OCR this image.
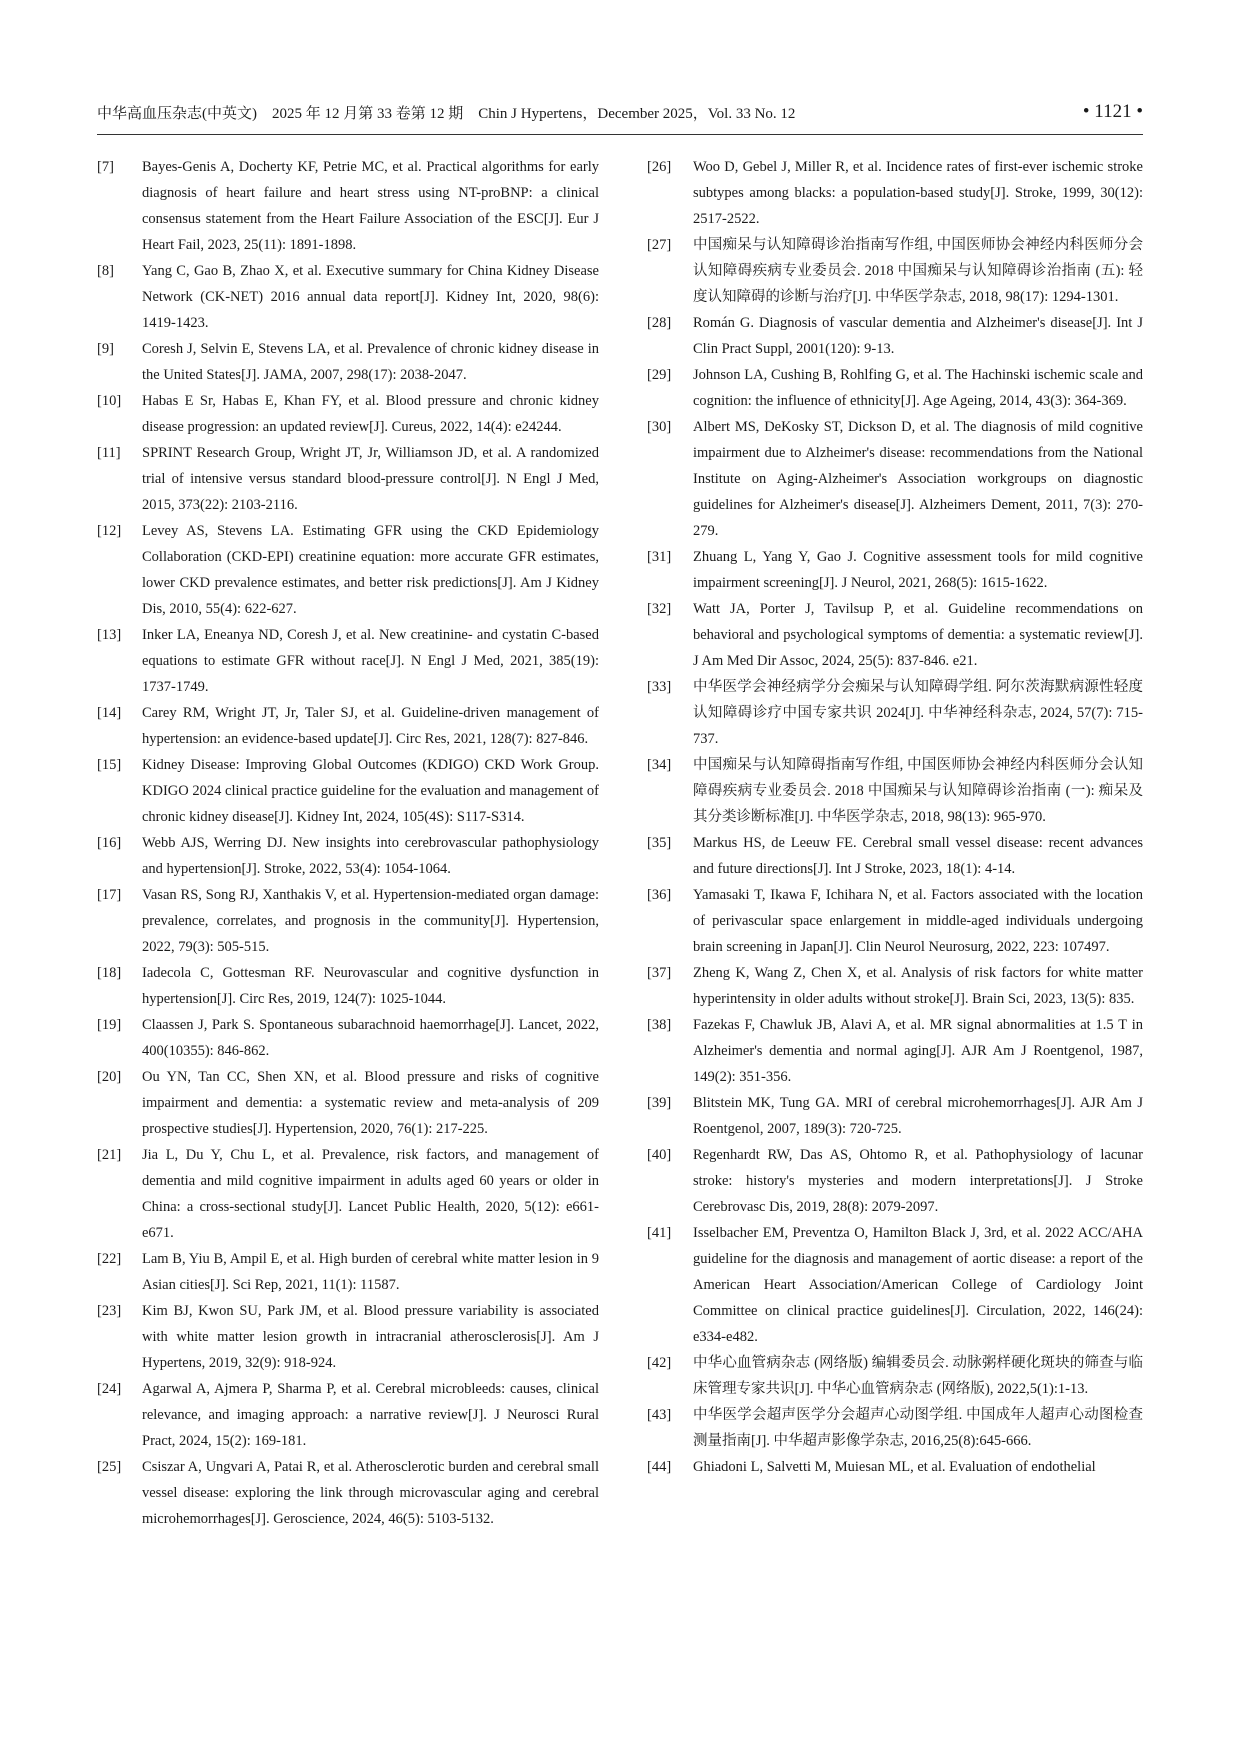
中华高血压杂志(中英文)　2025 年 12 月第 33 卷第 12 期　Chin J Hypertens，December 2025，Vol. 33 No. 12	• 1121 •
[7]	Bayes-Genis A, Docherty KF, Petrie MC, et al. Practical algorithms for early diagnosis of heart failure and heart stress using NT-proBNP: a clinical consensus statement from the Heart Failure Association of the ESC[J]. Eur J Heart Fail, 2023, 25(11): 1891-1898.
[8]	Yang C, Gao B, Zhao X, et al. Executive summary for China Kidney Disease Network (CK-NET) 2016 annual data report[J]. Kidney Int, 2020, 98(6): 1419-1423.
[9]	Coresh J, Selvin E, Stevens LA, et al. Prevalence of chronic kidney disease in the United States[J]. JAMA, 2007, 298(17): 2038-2047.
[10]	Habas E Sr, Habas E, Khan FY, et al. Blood pressure and chronic kidney disease progression: an updated review[J]. Cureus, 2022, 14(4): e24244.
[11]	SPRINT Research Group, Wright JT, Jr, Williamson JD, et al. A randomized trial of intensive versus standard blood-pressure control[J]. N Engl J Med, 2015, 373(22): 2103-2116.
[12]	Levey AS, Stevens LA. Estimating GFR using the CKD Epidemiology Collaboration (CKD-EPI) creatinine equation: more accurate GFR estimates, lower CKD prevalence estimates, and better risk predictions[J]. Am J Kidney Dis, 2010, 55(4): 622-627.
[13]	Inker LA, Eneanya ND, Coresh J, et al. New creatinine- and cystatin C-based equations to estimate GFR without race[J]. N Engl J Med, 2021, 385(19): 1737-1749.
[14]	Carey RM, Wright JT, Jr, Taler SJ, et al. Guideline-driven management of hypertension: an evidence-based update[J]. Circ Res, 2021, 128(7): 827-846.
[15]	Kidney Disease: Improving Global Outcomes (KDIGO) CKD Work Group. KDIGO 2024 clinical practice guideline for the evaluation and management of chronic kidney disease[J]. Kidney Int, 2024, 105(4S): S117-S314.
[16]	Webb AJS, Werring DJ. New insights into cerebrovascular pathophysiology and hypertension[J]. Stroke, 2022, 53(4): 1054-1064.
[17]	Vasan RS, Song RJ, Xanthakis V, et al. Hypertension-mediated organ damage: prevalence, correlates, and prognosis in the community[J]. Hypertension, 2022, 79(3): 505-515.
[18]	Iadecola C, Gottesman RF. Neurovascular and cognitive dysfunction in hypertension[J]. Circ Res, 2019, 124(7): 1025-1044.
[19]	Claassen J, Park S. Spontaneous subarachnoid haemorrhage[J]. Lancet, 2022, 400(10355): 846-862.
[20]	Ou YN, Tan CC, Shen XN, et al. Blood pressure and risks of cognitive impairment and dementia: a systematic review and meta-analysis of 209 prospective studies[J]. Hypertension, 2020, 76(1): 217-225.
[21]	Jia L, Du Y, Chu L, et al. Prevalence, risk factors, and management of dementia and mild cognitive impairment in adults aged 60 years or older in China: a cross-sectional study[J]. Lancet Public Health, 2020, 5(12): e661-e671.
[22]	Lam B, Yiu B, Ampil E, et al. High burden of cerebral white matter lesion in 9 Asian cities[J]. Sci Rep, 2021, 11(1): 11587.
[23]	Kim BJ, Kwon SU, Park JM, et al. Blood pressure variability is associated with white matter lesion growth in intracranial atherosclerosis[J]. Am J Hypertens, 2019, 32(9): 918-924.
[24]	Agarwal A, Ajmera P, Sharma P, et al. Cerebral microbleeds: causes, clinical relevance, and imaging approach: a narrative review[J]. J Neurosci Rural Pract, 2024, 15(2): 169-181.
[25]	Csiszar A, Ungvari A, Patai R, et al. Atherosclerotic burden and cerebral small vessel disease: exploring the link through microvascular aging and cerebral microhemorrhages[J]. Geroscience, 2024, 46(5): 5103-5132.
[26]	Woo D, Gebel J, Miller R, et al. Incidence rates of first-ever ischemic stroke subtypes among blacks: a population-based study[J]. Stroke, 1999, 30(12): 2517-2522.
[27]	中国痴呆与认知障碍诊治指南写作组, 中国医师协会神经内科医师分会认知障碍疾病专业委员会. 2018 中国痴呆与认知障碍诊治指南 (五): 轻度认知障碍的诊断与治疗[J]. 中华医学杂志, 2018, 98(17): 1294-1301.
[28]	Román G. Diagnosis of vascular dementia and Alzheimer's disease[J]. Int J Clin Pract Suppl, 2001(120): 9-13.
[29]	Johnson LA, Cushing B, Rohlfing G, et al. The Hachinski ischemic scale and cognition: the influence of ethnicity[J]. Age Ageing, 2014, 43(3): 364-369.
[30]	Albert MS, DeKosky ST, Dickson D, et al. The diagnosis of mild cognitive impairment due to Alzheimer's disease: recommendations from the National Institute on Aging-Alzheimer's Association workgroups on diagnostic guidelines for Alzheimer's disease[J]. Alzheimers Dement, 2011, 7(3): 270-279.
[31]	Zhuang L, Yang Y, Gao J. Cognitive assessment tools for mild cognitive impairment screening[J]. J Neurol, 2021, 268(5): 1615-1622.
[32]	Watt JA, Porter J, Tavilsup P, et al. Guideline recommendations on behavioral and psychological symptoms of dementia: a systematic review[J]. J Am Med Dir Assoc, 2024, 25(5): 837-846. e21.
[33]	中华医学会神经病学分会痴呆与认知障碍学组. 阿尔茨海默病源性轻度认知障碍诊疗中国专家共识 2024[J]. 中华神经科杂志, 2024, 57(7): 715-737.
[34]	中国痴呆与认知障碍指南写作组, 中国医师协会神经内科医师分会认知障碍疾病专业委员会. 2018 中国痴呆与认知障碍诊治指南 (一): 痴呆及其分类诊断标准[J]. 中华医学杂志, 2018, 98(13): 965-970.
[35]	Markus HS, de Leeuw FE. Cerebral small vessel disease: recent advances and future directions[J]. Int J Stroke, 2023, 18(1): 4-14.
[36]	Yamasaki T, Ikawa F, Ichihara N, et al. Factors associated with the location of perivascular space enlargement in middle-aged individuals undergoing brain screening in Japan[J]. Clin Neurol Neurosurg, 2022, 223: 107497.
[37]	Zheng K, Wang Z, Chen X, et al. Analysis of risk factors for white matter hyperintensity in older adults without stroke[J]. Brain Sci, 2023, 13(5): 835.
[38]	Fazekas F, Chawluk JB, Alavi A, et al. MR signal abnormalities at 1.5 T in Alzheimer's dementia and normal aging[J]. AJR Am J Roentgenol, 1987, 149(2): 351-356.
[39]	Blitstein MK, Tung GA. MRI of cerebral microhemorrhages[J]. AJR Am J Roentgenol, 2007, 189(3): 720-725.
[40]	Regenhardt RW, Das AS, Ohtomo R, et al. Pathophysiology of lacunar stroke: history's mysteries and modern interpretations[J]. J Stroke Cerebrovasc Dis, 2019, 28(8): 2079-2097.
[41]	Isselbacher EM, Preventza O, Hamilton Black J, 3rd, et al. 2022 ACC/AHA guideline for the diagnosis and management of aortic disease: a report of the American Heart Association/American College of Cardiology Joint Committee on clinical practice guidelines[J]. Circulation, 2022, 146(24): e334-e482.
[42]	中华心血管病杂志 (网络版) 编辑委员会. 动脉粥样硬化斑块的筛查与临床管理专家共识[J]. 中华心血管病杂志 (网络版), 2022,5(1):1-13.
[43]	中华医学会超声医学分会超声心动图学组. 中国成年人超声心动图检查测量指南[J]. 中华超声影像学杂志, 2016,25(8):645-666.
[44]	Ghiadoni L, Salvetti M, Muiesan ML, et al. Evaluation of endothelial
